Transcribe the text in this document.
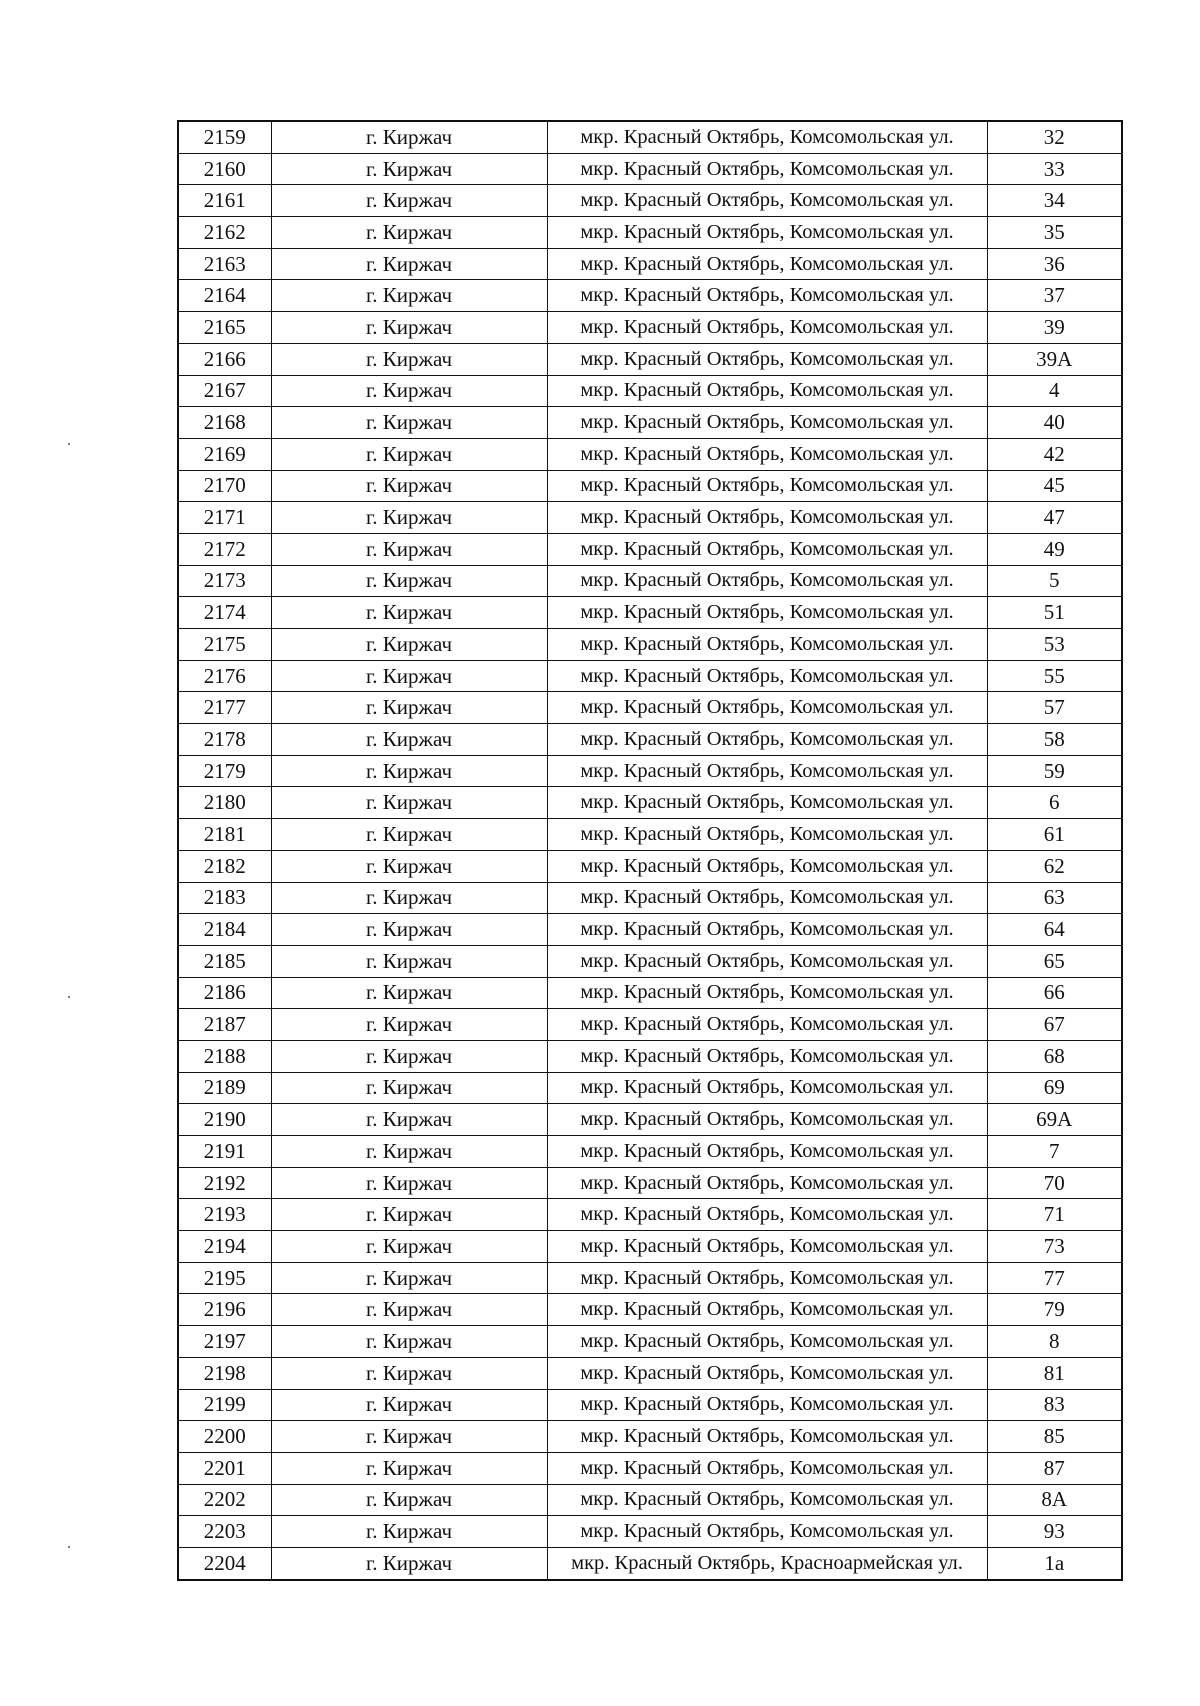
2159	г. Киржач	мкр. Красный Октябрь, Комсомольская ул.	32
2160	г. Киржач	мкр. Красный Октябрь, Комсомольская ул.	33
2161	г. Киржач	мкр. Красный Октябрь, Комсомольская ул.	34
2162	г. Киржач	мкр. Красный Октябрь, Комсомольская ул.	35
2163	г. Киржач	мкр. Красный Октябрь, Комсомольская ул.	36
2164	г. Киржач	мкр. Красный Октябрь, Комсомольская ул.	37
2165	г. Киржач	мкр. Красный Октябрь, Комсомольская ул.	39
2166	г. Киржач	мкр. Красный Октябрь, Комсомольская ул.	39А
2167	г. Киржач	мкр. Красный Октябрь, Комсомольская ул.	4
2168	г. Киржач	мкр. Красный Октябрь, Комсомольская ул.	40
2169	г. Киржач	мкр. Красный Октябрь, Комсомольская ул.	42
2170	г. Киржач	мкр. Красный Октябрь, Комсомольская ул.	45
2171	г. Киржач	мкр. Красный Октябрь, Комсомольская ул.	47
2172	г. Киржач	мкр. Красный Октябрь, Комсомольская ул.	49
2173	г. Киржач	мкр. Красный Октябрь, Комсомольская ул.	5
2174	г. Киржач	мкр. Красный Октябрь, Комсомольская ул.	51
2175	г. Киржач	мкр. Красный Октябрь, Комсомольская ул.	53
2176	г. Киржач	мкр. Красный Октябрь, Комсомольская ул.	55
2177	г. Киржач	мкр. Красный Октябрь, Комсомольская ул.	57
2178	г. Киржач	мкр. Красный Октябрь, Комсомольская ул.	58
2179	г. Киржач	мкр. Красный Октябрь, Комсомольская ул.	59
2180	г. Киржач	мкр. Красный Октябрь, Комсомольская ул.	6
2181	г. Киржач	мкр. Красный Октябрь, Комсомольская ул.	61
2182	г. Киржач	мкр. Красный Октябрь, Комсомольская ул.	62
2183	г. Киржач	мкр. Красный Октябрь, Комсомольская ул.	63
2184	г. Киржач	мкр. Красный Октябрь, Комсомольская ул.	64
2185	г. Киржач	мкр. Красный Октябрь, Комсомольская ул.	65
2186	г. Киржач	мкр. Красный Октябрь, Комсомольская ул.	66
2187	г. Киржач	мкр. Красный Октябрь, Комсомольская ул.	67
2188	г. Киржач	мкр. Красный Октябрь, Комсомольская ул.	68
2189	г. Киржач	мкр. Красный Октябрь, Комсомольская ул.	69
2190	г. Киржач	мкр. Красный Октябрь, Комсомольская ул.	69А
2191	г. Киржач	мкр. Красный Октябрь, Комсомольская ул.	7
2192	г. Киржач	мкр. Красный Октябрь, Комсомольская ул.	70
2193	г. Киржач	мкр. Красный Октябрь, Комсомольская ул.	71
2194	г. Киржач	мкр. Красный Октябрь, Комсомольская ул.	73
2195	г. Киржач	мкр. Красный Октябрь, Комсомольская ул.	77
2196	г. Киржач	мкр. Красный Октябрь, Комсомольская ул.	79
2197	г. Киржач	мкр. Красный Октябрь, Комсомольская ул.	8
2198	г. Киржач	мкр. Красный Октябрь, Комсомольская ул.	81
2199	г. Киржач	мкр. Красный Октябрь, Комсомольская ул.	83
2200	г. Киржач	мкр. Красный Октябрь, Комсомольская ул.	85
2201	г. Киржач	мкр. Красный Октябрь, Комсомольская ул.	87
2202	г. Киржач	мкр. Красный Октябрь, Комсомольская ул.	8А
2203	г. Киржач	мкр. Красный Октябрь, Комсомольская ул.	93
2204	г. Киржач	мкр. Красный Октябрь, Красноармейская ул.	1а
